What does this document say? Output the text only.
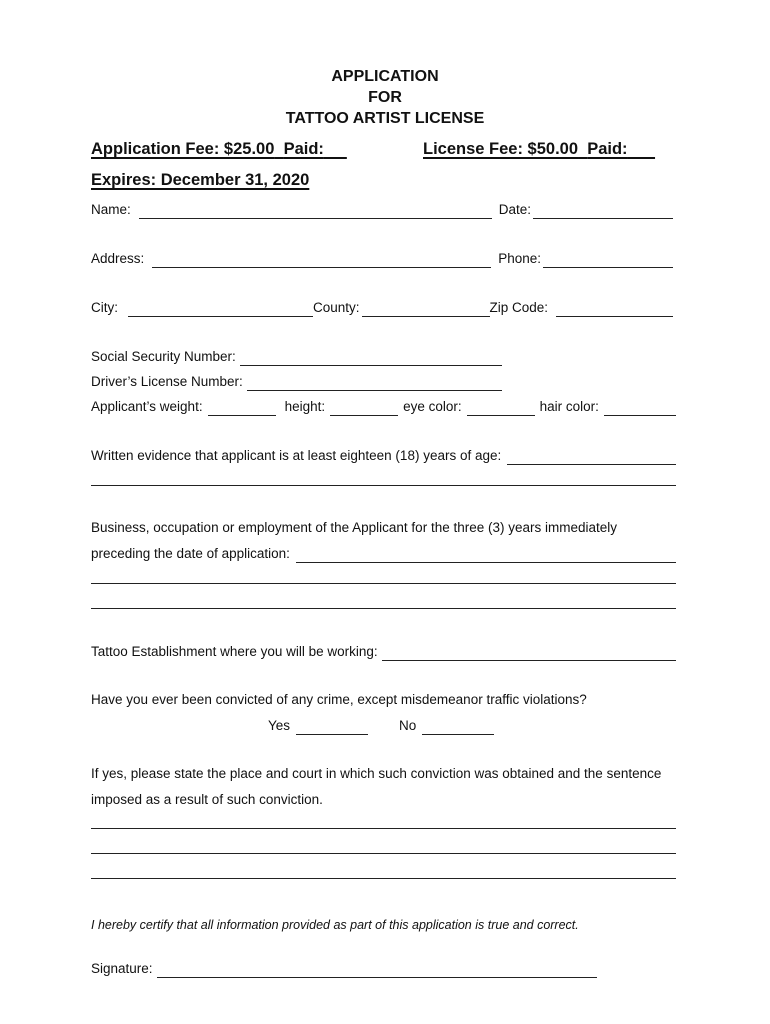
APPLICATION
FOR
TATTOO ARTIST LICENSE
Application Fee: $25.00 Paid:	License Fee: $50.00 Paid:
Expires: December 31, 2020
Name:	Date:
Address:	Phone:
City:	County:	Zip Code:
Social Security Number:
Driver’s License Number:
Applicant’s weight:	height:	eye color:	hair color:
Written evidence that applicant is at least eighteen (18) years of age:
Business, occupation or employment of the Applicant for the three (3) years immediately
preceding the date of application:
Tattoo Establishment where you will be working:
Have you ever been convicted of any crime, except misdemeanor traffic violations?
Yes	No
If yes, please state the place and court in which such conviction was obtained and the sentence
imposed as a result of such conviction.
I hereby certify that all information provided as part of this application is true and correct.
Signature:
